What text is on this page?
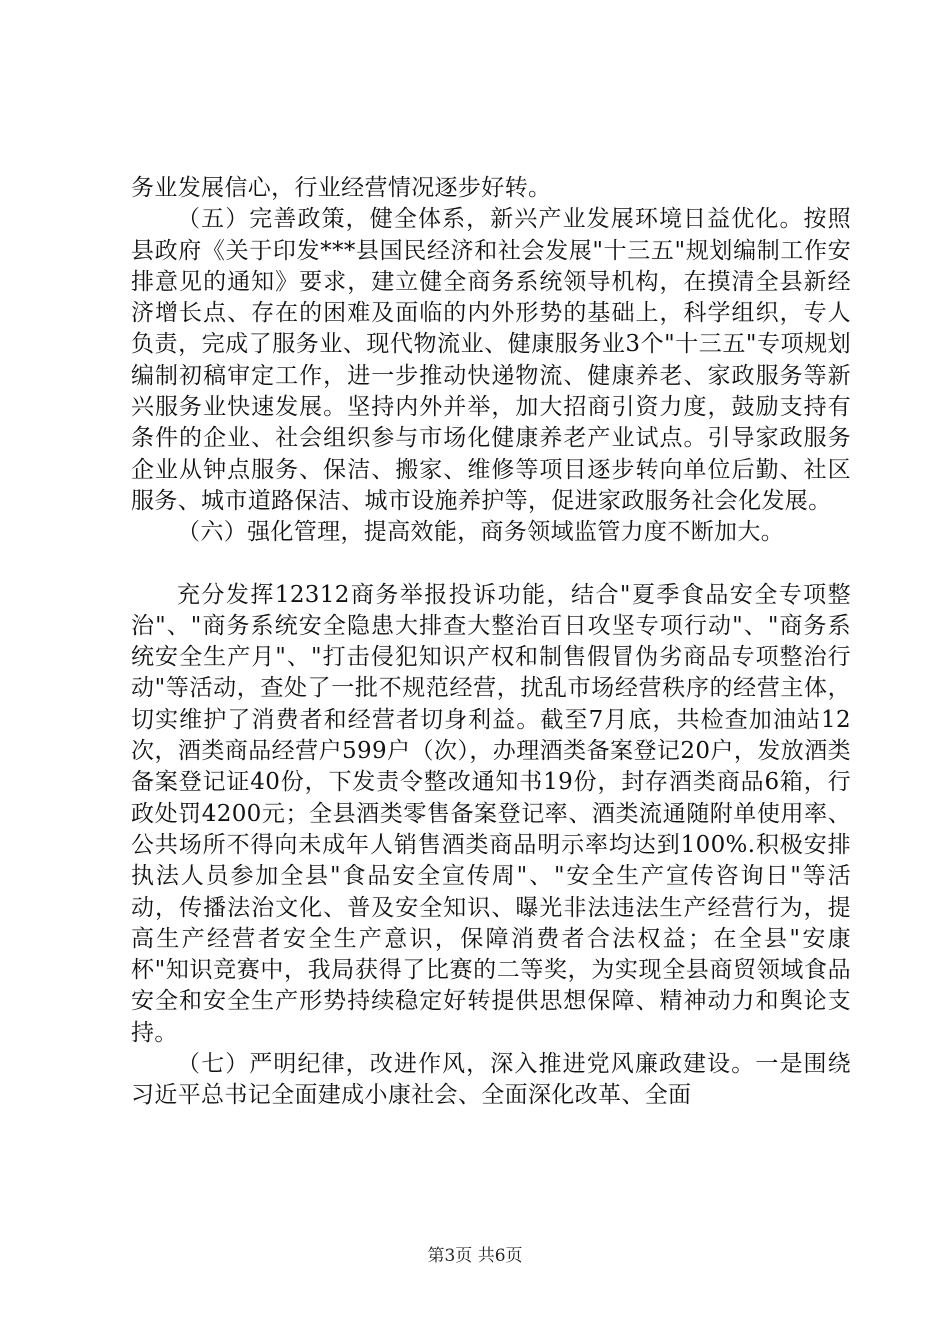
务业发展信心，行业经营情况逐步好转。

（五）完善政策，健全体系，新兴产业发展环境日益优化。按照县政府《关于印发***县国民经济和社会发展"十三五"规划编制工作安排意见的通知》要求，建立健全商务系统领导机构，在摸清全县新经济增长点、存在的困难及面临的内外形势的基础上，科学组织，专人负责，完成了服务业、现代物流业、健康服务业3个"十三五"专项规划编制初稿审定工作，进一步推动快递物流、健康养老、家政服务等新兴服务业快速发展。坚持内外并举，加大招商引资力度，鼓励支持有条件的企业、社会组织参与市场化健康养老产业试点。引导家政服务企业从钟点服务、保洁、搬家、维修等项目逐步转向单位后勤、社区服务、城市道路保洁、城市设施养护等，促进家政服务社会化发展。

（六）强化管理，提高效能，商务领域监管力度不断加大。

充分发挥12312商务举报投诉功能，结合"夏季食品安全专项整治"、"商务系统安全隐患大排查大整治百日攻坚专项行动"、"商务系统安全生产月"、"打击侵犯知识产权和制售假冒伪劣商品专项整治行动"等活动，查处了一批不规范经营，扰乱市场经营秩序的经营主体，切实维护了消费者和经营者切身利益。截至7月底，共检查加油站12次，酒类商品经营户599户（次），办理酒类备案登记20户，发放酒类备案登记证40份，下发责令整改通知书19份，封存酒类商品6箱，行政处罚4200元；全县酒类零售备案登记率、酒类流通随附单使用率、公共场所不得向未成年人销售酒类商品明示率均达到100%.积极安排执法人员参加全县"食品安全宣传周"、"安全生产宣传咨询日"等活动，传播法治文化、普及安全知识、曝光非法违法生产经营行为，提高生产经营者安全生产意识，保障消费者合法权益；在全县"安康杯"知识竞赛中，我局获得了比赛的二等奖，为实现全县商贸领域食品安全和安全生产形势持续稳定好转提供思想保障、精神动力和舆论支持。

（七）严明纪律，改进作风，深入推进党风廉政建设。一是围绕习近平总书记全面建成小康社会、全面深化改革、全面

第3页 共6页
